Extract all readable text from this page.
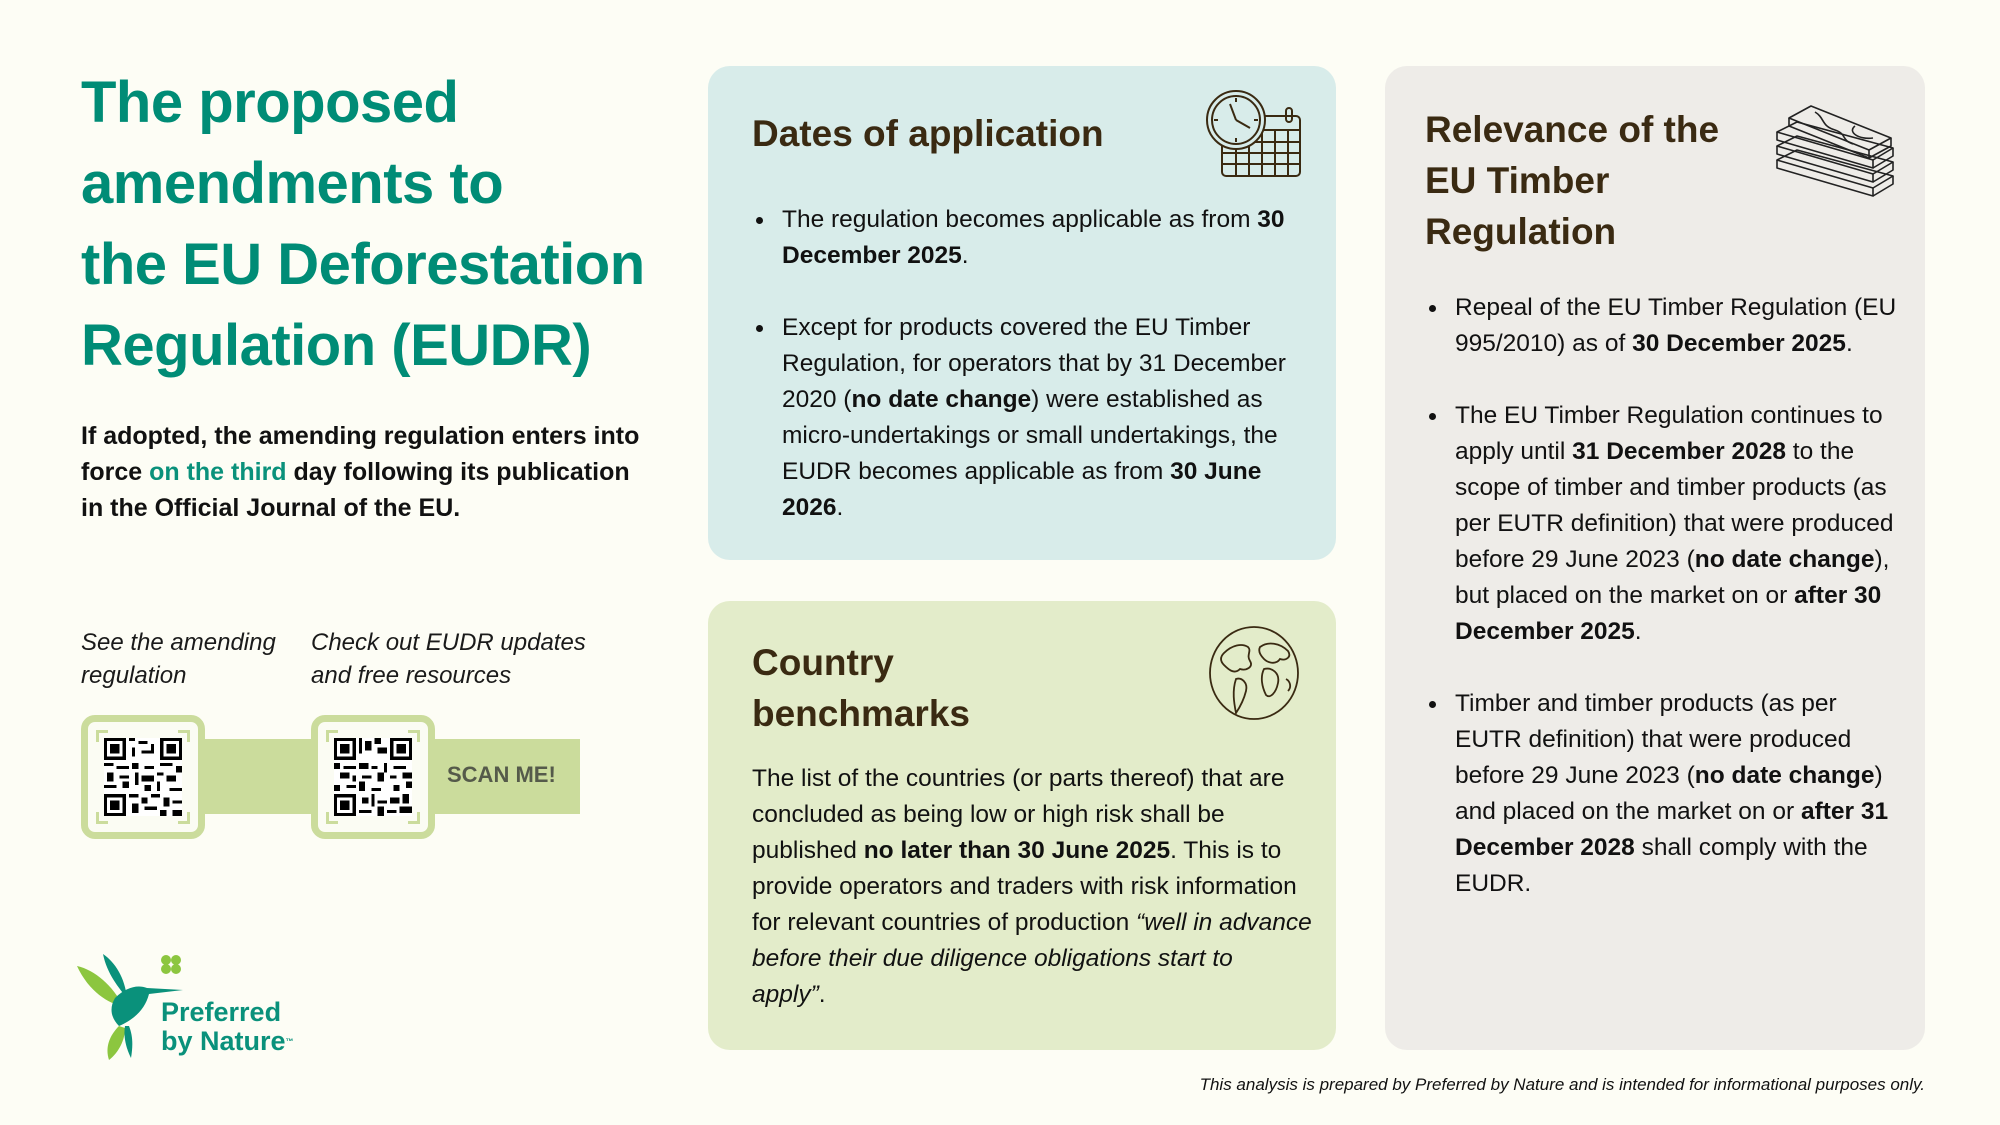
The proposed
amendments to
the EU Deforestation
Regulation (EUDR)

If adopted, the amending regulation enters into force on the third day following its publication in the Official Journal of the EU.

See the amending
regulation
Check out EUDR updates
and free resources
SCAN ME!
Preferred
by Nature™
Dates of application
The regulation becomes applicable as from 30 December 2025.
Except for products covered the EU Timber Regulation, for operators that by 31 December 2020 (no date change) were established as micro-undertakings or small undertakings, the EUDR becomes applicable as from 30 June 2026.
Country
benchmarks

The list of the countries (or parts thereof) that are concluded as being low or high risk shall be published no later than 30 June 2025. This is to provide operators and traders with risk information for relevant countries of production “well in advance before their due diligence obligations start to apply”.

Relevance of the
EU Timber
Regulation
Repeal of the EU Timber Regulation (EU 995/2010) as of 30 December 2025.
The EU Timber Regulation continues to apply until 31 December 2028 to the scope of timber and timber products (as per EUTR definition) that were produced before 29 June 2023 (no date change), but placed on the market on or after 30 December 2025.
Timber and timber products (as per EUTR definition) that were produced before 29 June 2023 (no date change) and placed on the market on or after 31 December 2028 shall comply with the EUDR.

This analysis is prepared by Preferred by Nature and is intended for informational purposes only.
